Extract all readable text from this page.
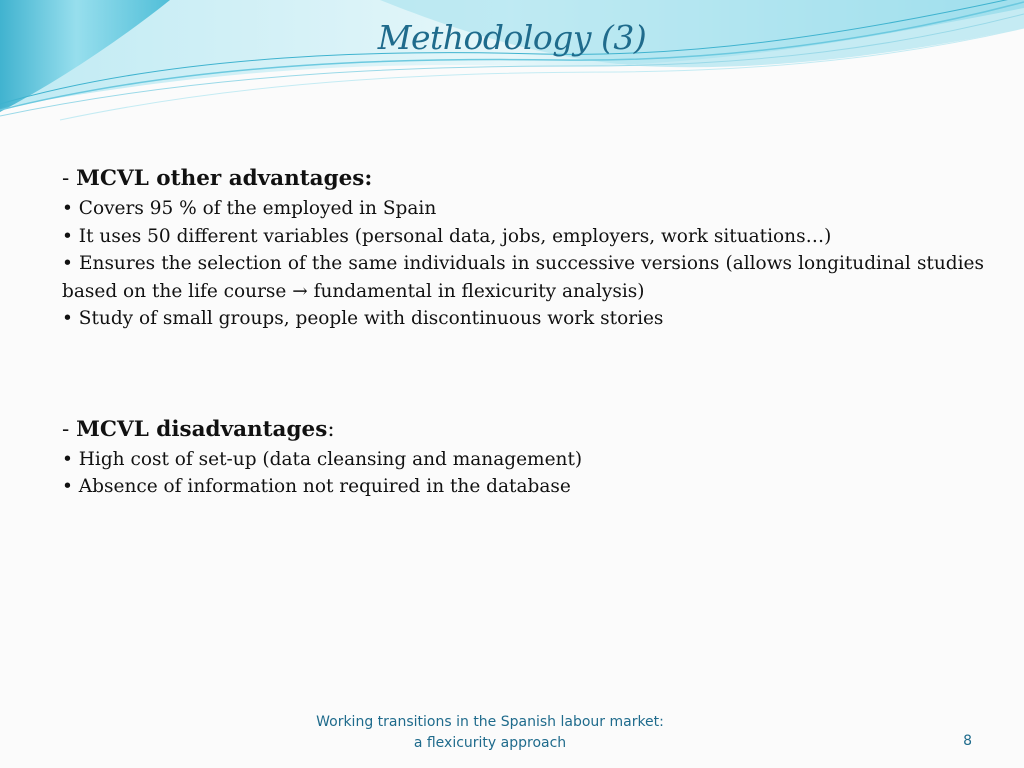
Methodology (3)
- MCVL other advantages:
• Covers 95 % of the employed in Spain
• It uses 50 different variables (personal data, jobs, employers, work situations…)
• Ensures the selection of the same individuals in successive versions (allows longitudinal studies based on the life course → fundamental in flexicurity analysis)
• Study of small groups, people with discontinuous work stories
- MCVL disadvantages:
• High cost of set-up (data cleansing and management)
• Absence of information not required in the database
Working transitions in the Spanish labour market:
a flexicurity approach	8
